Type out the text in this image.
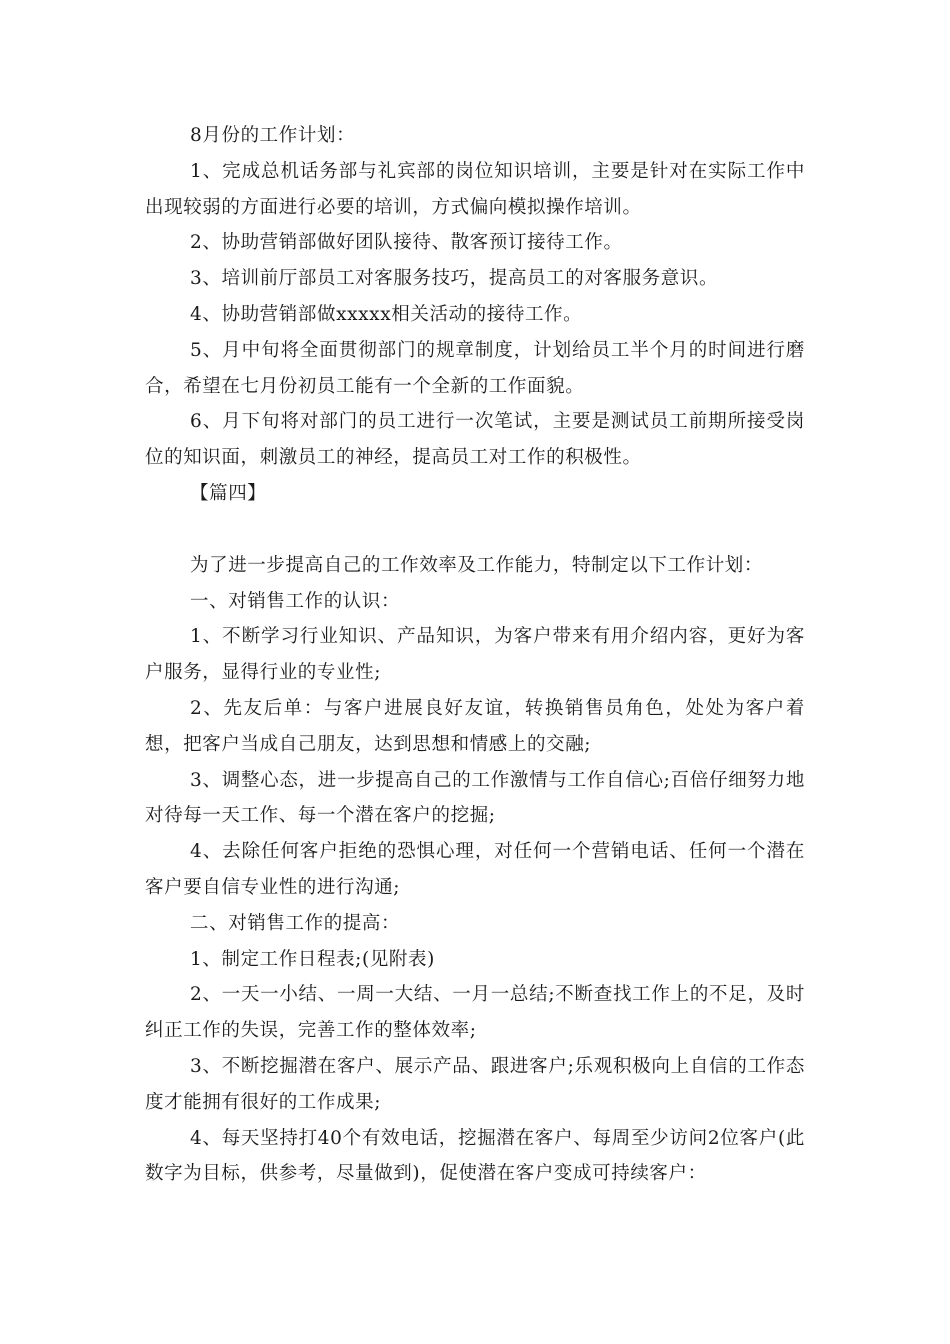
8月份的工作计划：

1、完成总机话务部与礼宾部的岗位知识培训，主要是针对在实际工作中出现较弱的方面进行必要的培训，方式偏向模拟操作培训。

2、协助营销部做好团队接待、散客预订接待工作。

3、培训前厅部员工对客服务技巧，提高员工的对客服务意识。

4、协助营销部做xxxxx相关活动的接待工作。

5、月中旬将全面贯彻部门的规章制度，计划给员工半个月的时间进行磨合，希望在七月份初员工能有一个全新的工作面貌。

6、月下旬将对部门的员工进行一次笔试，主要是测试员工前期所接受岗位的知识面，刺激员工的神经，提高员工对工作的积极性。

【篇四】

为了进一步提高自己的工作效率及工作能力，特制定以下工作计划：

一、对销售工作的认识：

1、不断学习行业知识、产品知识，为客户带来有用介绍内容，更好为客户服务，显得行业的专业性;

2、先友后单：与客户进展良好友谊，转换销售员角色，处处为客户着想，把客户当成自己朋友，达到思想和情感上的交融;

3、调整心态，进一步提高自己的工作激情与工作自信心;百倍仔细努力地对待每一天工作、每一个潜在客户的挖掘;

4、去除任何客户拒绝的恐惧心理，对任何一个营销电话、任何一个潜在客户要自信专业性的进行沟通;

二、对销售工作的提高：

1、制定工作日程表;(见附表)

2、一天一小结、一周一大结、一月一总结;不断查找工作上的不足，及时纠正工作的失误，完善工作的整体效率;

3、不断挖掘潜在客户、展示产品、跟进客户;乐观积极向上自信的工作态度才能拥有很好的工作成果;

4、每天坚持打40个有效电话，挖掘潜在客户、每周至少访问2位客户(此数字为目标，供参考，尽量做到)，促使潜在客户变成可持续客户：
